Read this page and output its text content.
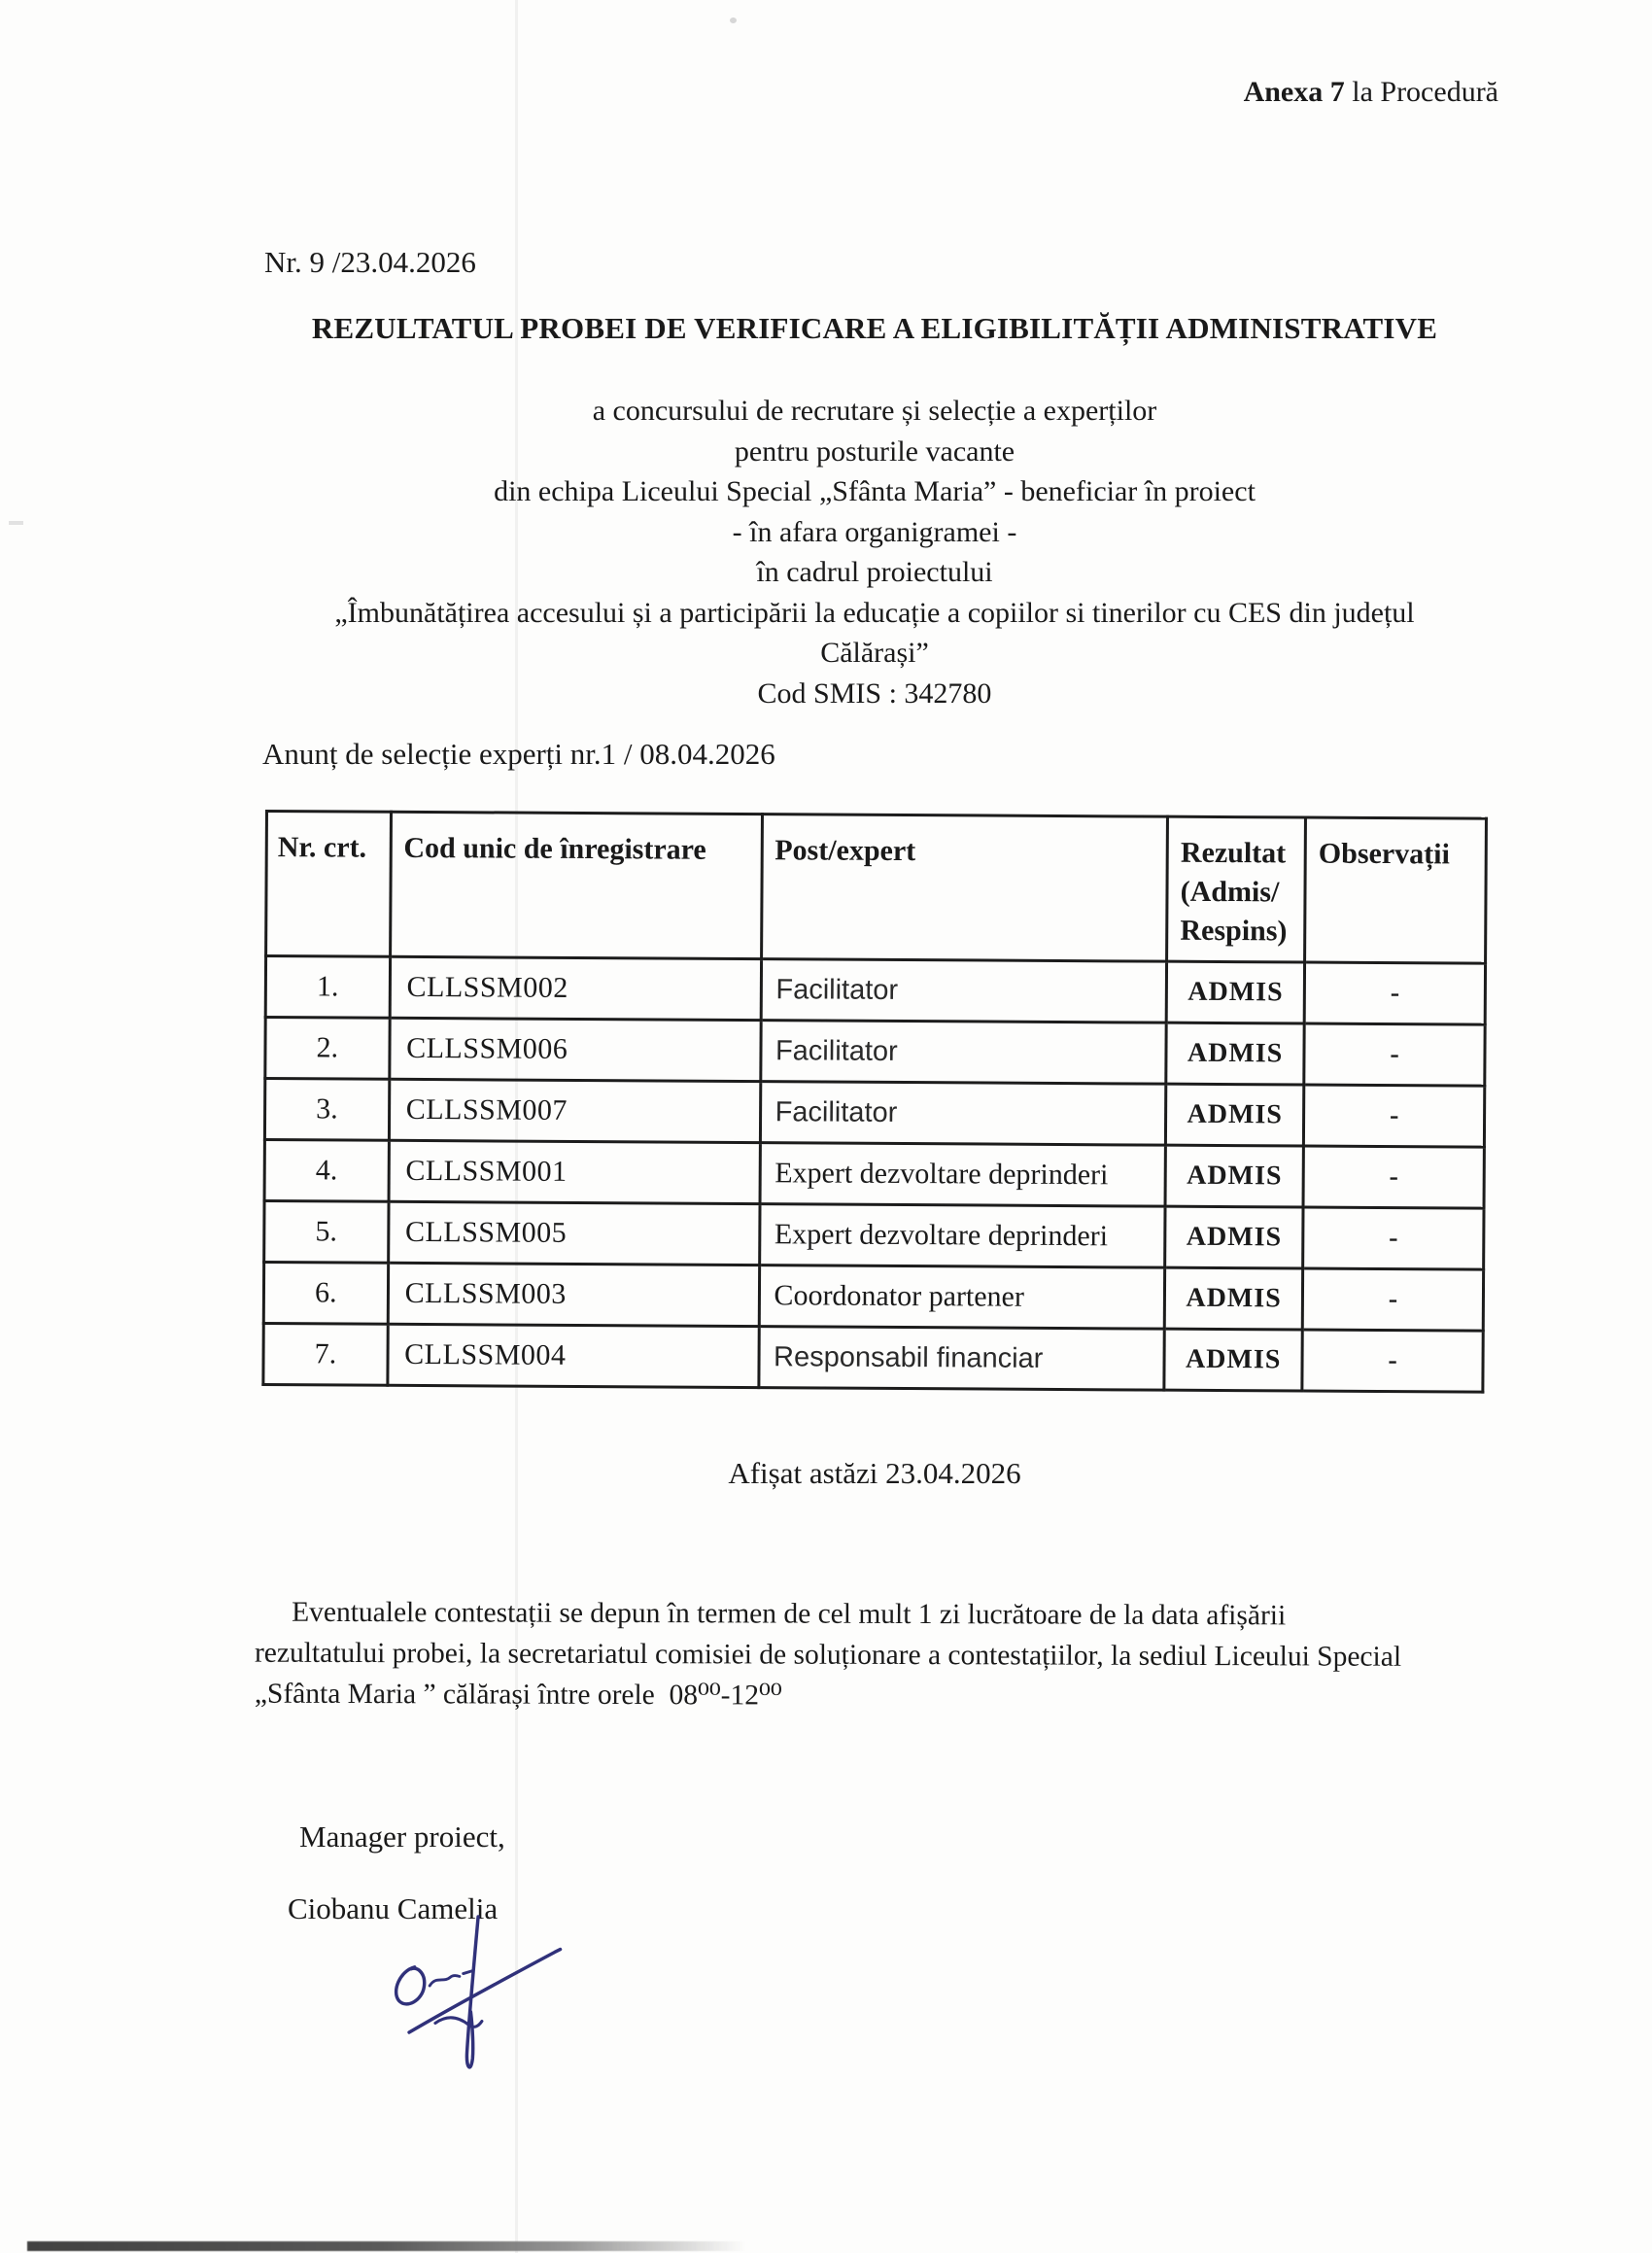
Anexa 7 la Procedură
Nr. 9 /23.04.2026
REZULTATUL PROBEI DE VERIFICARE A ELIGIBILITĂȚII ADMINISTRATIVE
a concursului de recrutare și selecție a experților
pentru posturile vacante
din echipa Liceului Special „Sfânta Maria” - beneficiar în proiect
- în afara organigramei -
în cadrul proiectului
„Îmbunătățirea accesului și a participării la educație a copiilor si tinerilor cu CES din județul
Călărași”
Cod SMIS : 342780
Anunț de selecție experți nr.1 / 08.04.2026
Nr. crt.	Cod unic de înregistrare	Post/expert	Rezultat
(Admis/
Respins)	Observații
1.	CLLSSM002	Facilitator	ADMIS	-
2.	CLLSSM006	Facilitator	ADMIS	-
3.	CLLSSM007	Facilitator	ADMIS	-
4.	CLLSSM001	Expert dezvoltare deprinderi	ADMIS	-
5.	CLLSSM005	Expert dezvoltare deprinderi	ADMIS	-
6.	CLLSSM003	Coordonator partener	ADMIS	-
7.	CLLSSM004	Responsabil financiar	ADMIS	-
Afișat astăzi 23.04.2026
Eventualele contestații se depun în termen de cel mult 1 zi lucrătoare de la data afișării
rezultatului probei, la secretariatul comisiei de soluționare a contestațiilor, la sediul Liceului Special
„Sfânta Maria ” călărași între orele  08⁰⁰-12⁰⁰
Manager proiect,
Ciobanu Camelia
